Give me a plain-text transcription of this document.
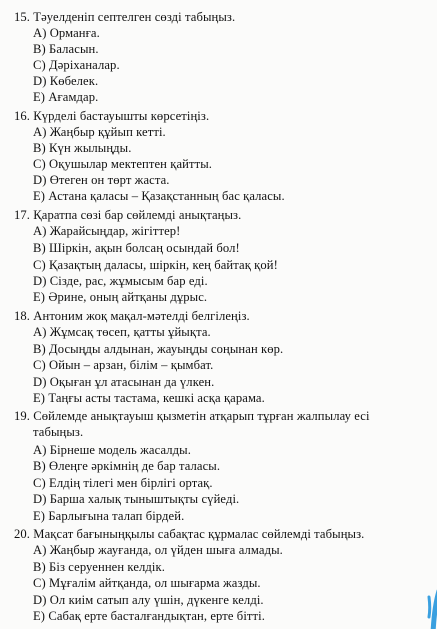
15. Тәуелденіп септелген сөзді табыңыз.
A) Орманға.
B) Баласын.
C) Дәріханалар.
D) Көбелек.
E) Ағамдар.
16. Күрделі бастауышты көрсетіңіз.
A) Жаңбыр құйып кетті.
B) Күн жылыңды.
C) Оқушылар мектептен қайтты.
D) Өтеген он төрт жаста.
E) Астана қаласы – Қазақстанның бас қаласы.
17. Қаратпа сөзі бар сөйлемді анықтаңыз.
A) Жарайсыңдар, жігіттер!
B) Шіркін, ақын болсаң осындай бол!
C) Қазақтың даласы, шіркін, кең байтақ қой!
D) Сізде, рас, жұмысым бар еді.
E) Әрине, оның айтқаны дұрыс.
18. Антоним жоқ мақал-мәтелді белгілеңіз.
A) Жұмсақ төсеп, қатты ұйықта.
B) Досыңды алдынан, жауыңды соңынан көр.
C) Ойын – арзан, білім – қымбат.
D) Оқыған ұл атасынан да үлкен.
E) Таңғы асты тастама, кешкі асқа қарама.
19. Сөйлемде анықтауыш қызметін атқарып тұрған жалпылау есі
табыңыз.
A) Бірнеше модель жасалды.
B) Өлеңге әркімнің де бар таласы.
C) Елдің тілегі мен бірлігі ортақ.
D) Барша халық тыныштықты сүйеді.
E) Барлығына талап бірдей.
20. Мақсат бағыныңқылы сабақтас құрмалас сөйлемді табыңыз.
A) Жаңбыр жауғанда, ол үйден шыға алмады.
B) Біз серуеннен келдік.
C) Мұғалім айтқанда, ол шығарма жазды.
D) Ол киім сатып алу үшін, дүкенге келді.
E) Сабақ ерте басталғандықтан, ерте бітті.
